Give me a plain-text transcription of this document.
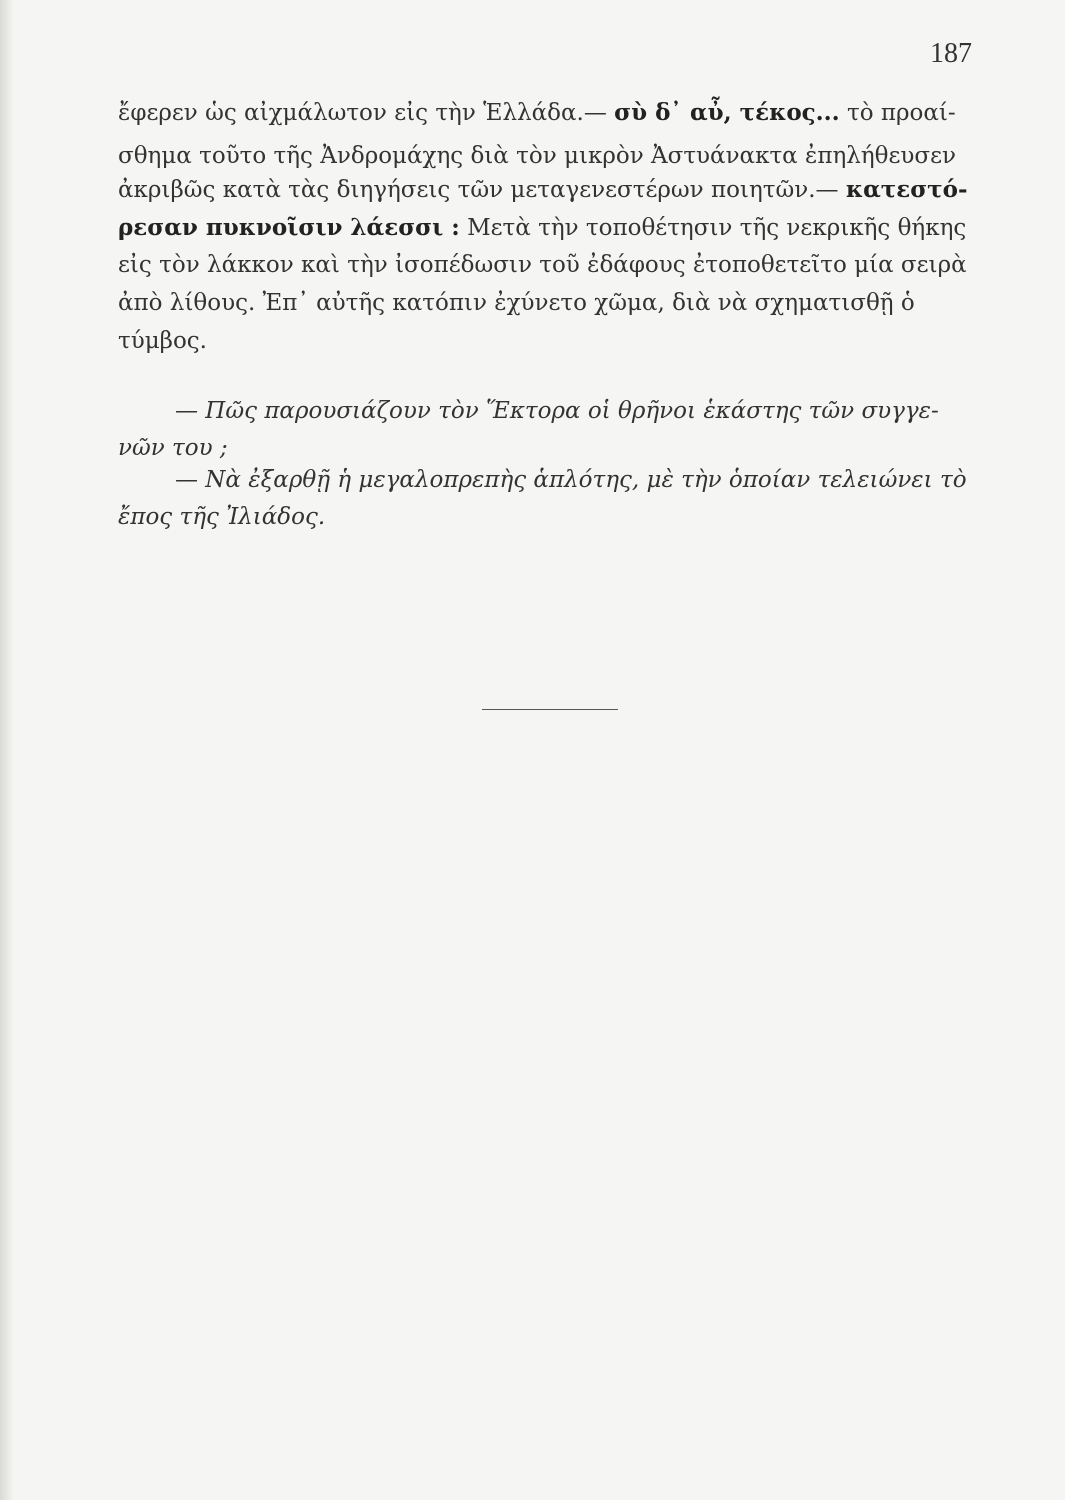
187
ἔφερεν ὡς αἰχμάλωτον εἰς τὴν Ἑλλάδα.— σὺ δ᾽ αὖ, τέκος... τὸ προαί-
σθημα τοῦτο τῆς Ἀνδρομάχης διὰ τὸν μικρὸν Ἀστυάνακτα ἐπηλήθευσεν
ἀκριβῶς κατὰ τὰς διηγήσεις τῶν μεταγενεστέρων ποιητῶν.— κατεστό-
ρεσαν πυκνοῖσιν λάεσσι : Μετὰ τὴν τοποθέτησιν τῆς νεκρικῆς θήκης
εἰς τὸν λάκκον καὶ τὴν ἰσοπέδωσιν τοῦ ἐδάφους ἐτοποθετεῖτο μία σειρὰ
ἀπὸ λίθους. Ἐπ᾽ αὐτῆς κατόπιν ἐχύνετο χῶμα, διὰ νὰ σχηματισθῇ ὁ
τύμβος.
— Πῶς παρουσιάζουν τὸν Ἕκτορα οἱ θρῆνοι ἑκάστης τῶν συγγε-
νῶν του ;
— Νὰ ἐξαρθῇ ἡ μεγαλοπρεπὴς ἁπλότης, μὲ τὴν ὁποίαν τελειώνει τὸ
ἔπος τῆς Ἰλιάδος.
